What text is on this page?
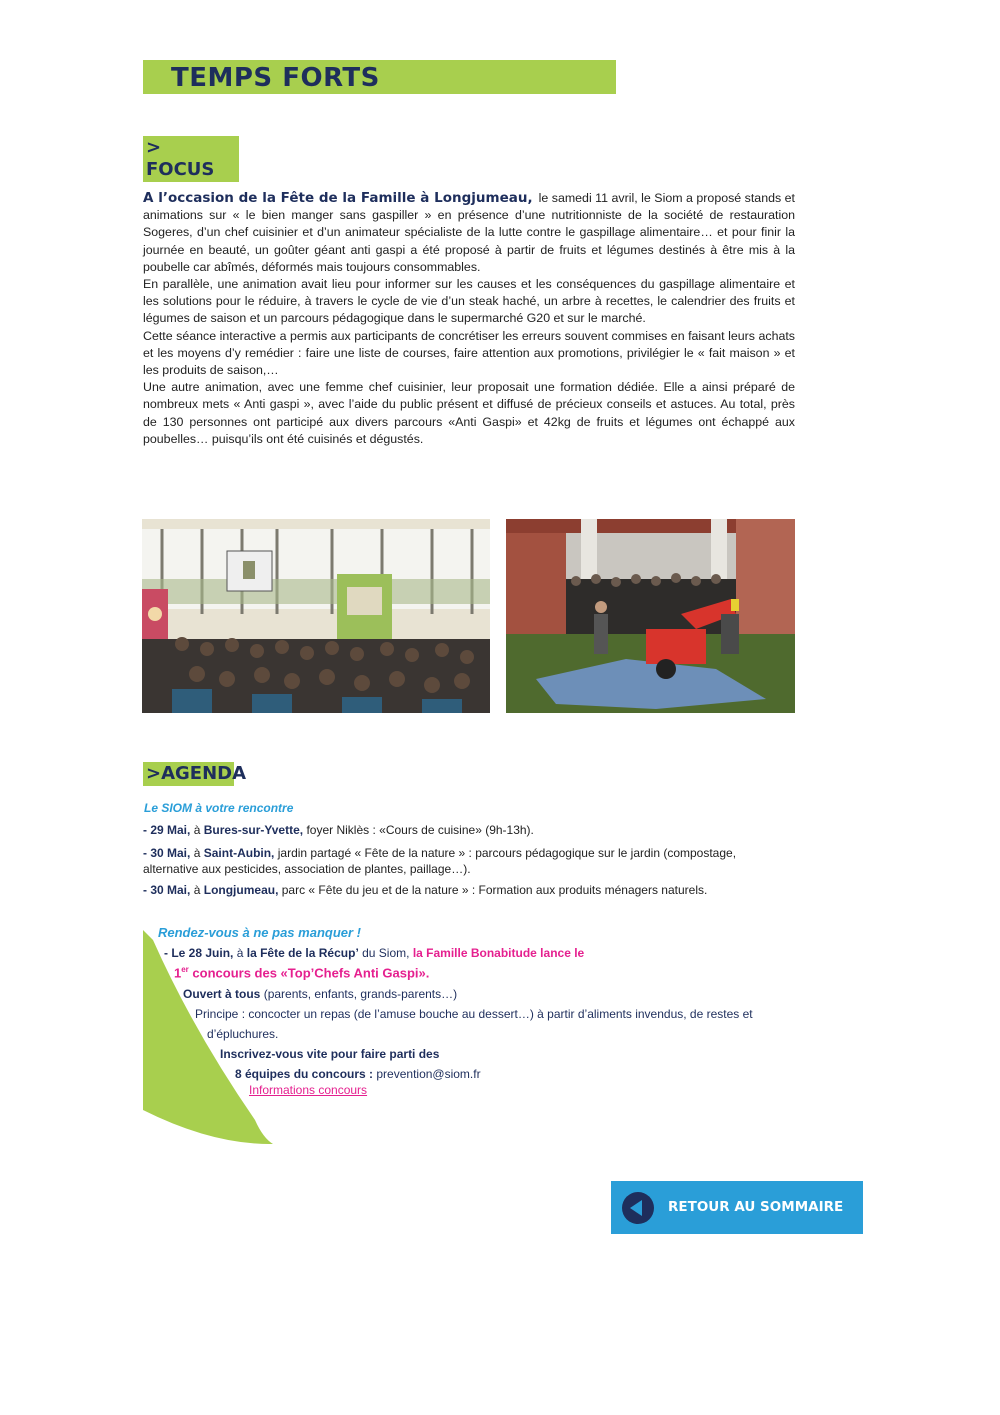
TEMPS FORTS
> FOCUS

A l’occasion de la Fête de la Famille à Longjumeau, le samedi 11 avril, le Siom a proposé stands et animations sur « le bien manger sans gaspiller » en présence d’une nutritionniste de la société de restauration Sogeres, d’un chef cuisinier et d’un animateur spécialiste de la lutte contre le gaspillage alimentaire… et pour finir la journée en beauté, un goûter géant anti gaspi a été proposé à partir de fruits et légumes destinés à être mis à la poubelle car abîmés, déformés mais toujours consommables.

En parallèle, une animation avait lieu pour informer sur les causes et les conséquences du gaspillage alimentaire et les solutions pour le réduire, à travers le cycle de vie d’un steak haché, un arbre à recettes, le calendrier des fruits et légumes de saison et un parcours pédagogique dans le supermarché G20 et sur le marché.

Cette séance interactive a permis aux participants de concrétiser les erreurs souvent commises en faisant leurs achats et les moyens d’y remédier : faire une liste de courses, faire attention aux promotions, privilégier le « fait maison » et les produits de saison,…

Une autre animation, avec une femme chef cuisinier, leur proposait une formation dédiée. Elle a ainsi préparé de nombreux mets « Anti gaspi », avec l’aide du public présent et diffusé de précieux conseils et astuces. Au total, près de 130 personnes ont participé aux divers parcours «Anti Gaspi» et 42kg de fruits et légumes ont échappé aux poubelles… puisqu’ils ont été cuisinés et dégustés.

>AGENDA
Le SIOM à votre rencontre
- 29 Mai, à Bures-sur-Yvette, foyer Niklès : «Cours de cuisine» (9h-13h).
- 30 Mai, à Saint-Aubin, jardin partagé « Fête de la nature » : parcours pédagogique sur le jardin (compostage, alternative aux pesticides, association de plantes, paillage…).
- 30 Mai, à Longjumeau, parc « Fête du jeu et de la nature » : Formation aux produits ménagers naturels.
Rendez-vous à ne pas manquer !
- Le 28 Juin, à la Fête de la Récup’ du Siom, la Famille Bonabitude lance le
1er concours des «Top’Chefs Anti Gaspi».
Ouvert à tous (parents, enfants, grands-parents…)
Principe : concocter un repas (de l’amuse bouche au dessert…) à partir d’aliments invendus, de restes et
d’épluchures.
Inscrivez-vous vite pour faire parti des
8 équipes du concours : prevention@siom.fr
Informations concours
RETOUR AU SOMMAIRE
